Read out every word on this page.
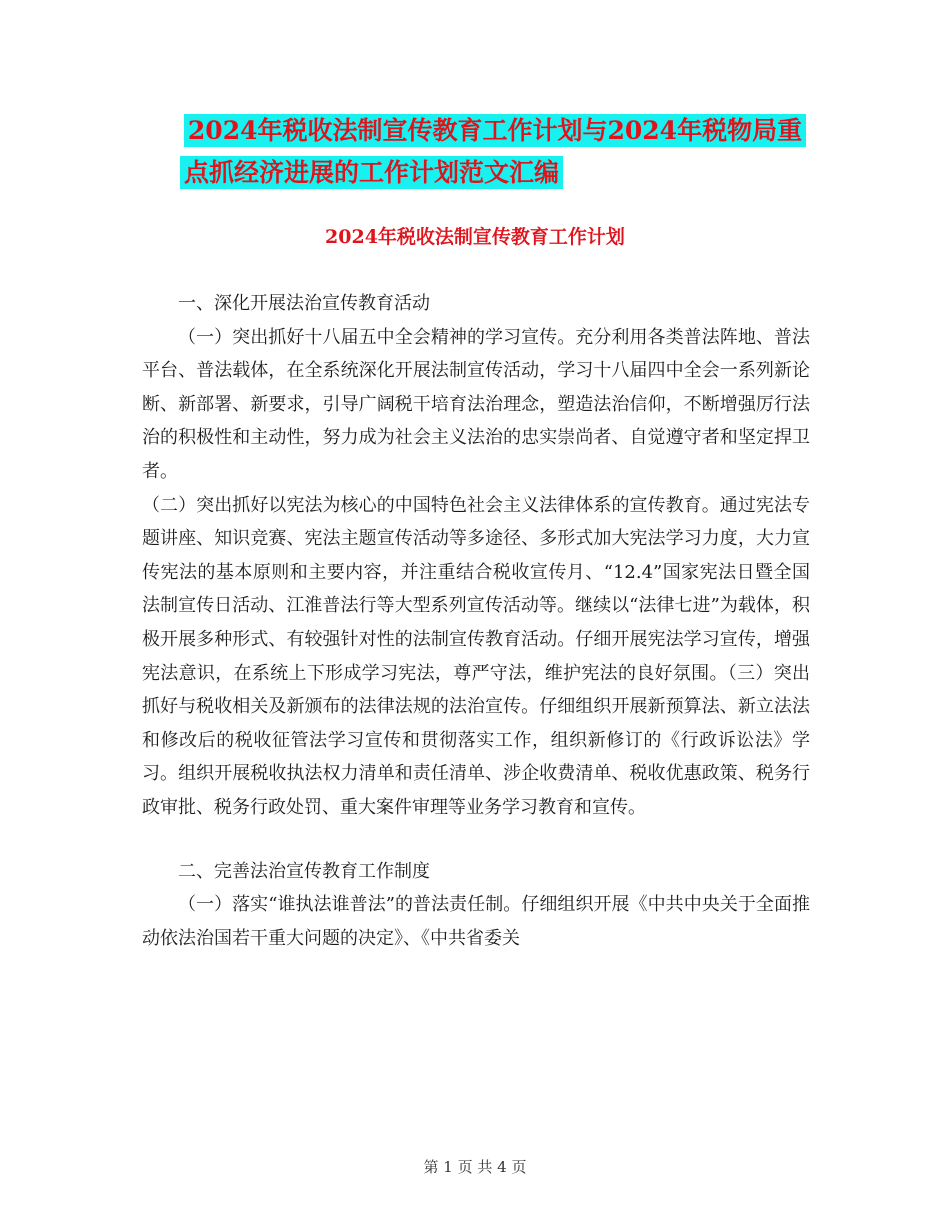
2024年税收法制宣传教育工作计划与2024年税物局重
点抓经济进展的工作计划范文汇编
2024年税收法制宣传教育工作计划

一、深化开展法治宣传教育活动

（一）突出抓好十八届五中全会精神的学习宣传。充分利用各类普法阵地、普法平台、普法载体，在全系统深化开展法制宣传活动，学习十八届四中全会一系列新论断、新部署、新要求，引导广阔税干培育法治理念，塑造法治信仰，不断增强厉行法治的积极性和主动性，努力成为社会主义法治的忠实崇尚者、自觉遵守者和坚定捍卫者。

（二）突出抓好以宪法为核心的中国特色社会主义法律体系的宣传教育。通过宪法专题讲座、知识竞赛、宪法主题宣传活动等多途径、多形式加大宪法学习力度，大力宣传宪法的基本原则和主要内容，并注重结合税收宣传月、“12.4”国家宪法日暨全国法制宣传日活动、江淮普法行等大型系列宣传活动等。继续以“法律七进”为载体，积极开展多种形式、有较强针对性的法制宣传教育活动。仔细开展宪法学习宣传，增强宪法意识，在系统上下形成学习宪法，尊严守法，维护宪法的良好氛围。（三）突出抓好与税收相关及新颁布的法律法规的法治宣传。仔细组织开展新预算法、新立法法和修改后的税收征管法学习宣传和贯彻落实工作，组织新修订的《行政诉讼法》学习。组织开展税收执法权力清单和责任清单、涉企收费清单、税收优惠政策、税务行政审批、税务行政处罚、重大案件审理等业务学习教育和宣传。

二、完善法治宣传教育工作制度

（一）落实“谁执法谁普法”的普法责任制。仔细组织开展《中共中央关于全面推动依法治国若干重大问题的决定》、《中共省委关

第 1 页 共 4 页
